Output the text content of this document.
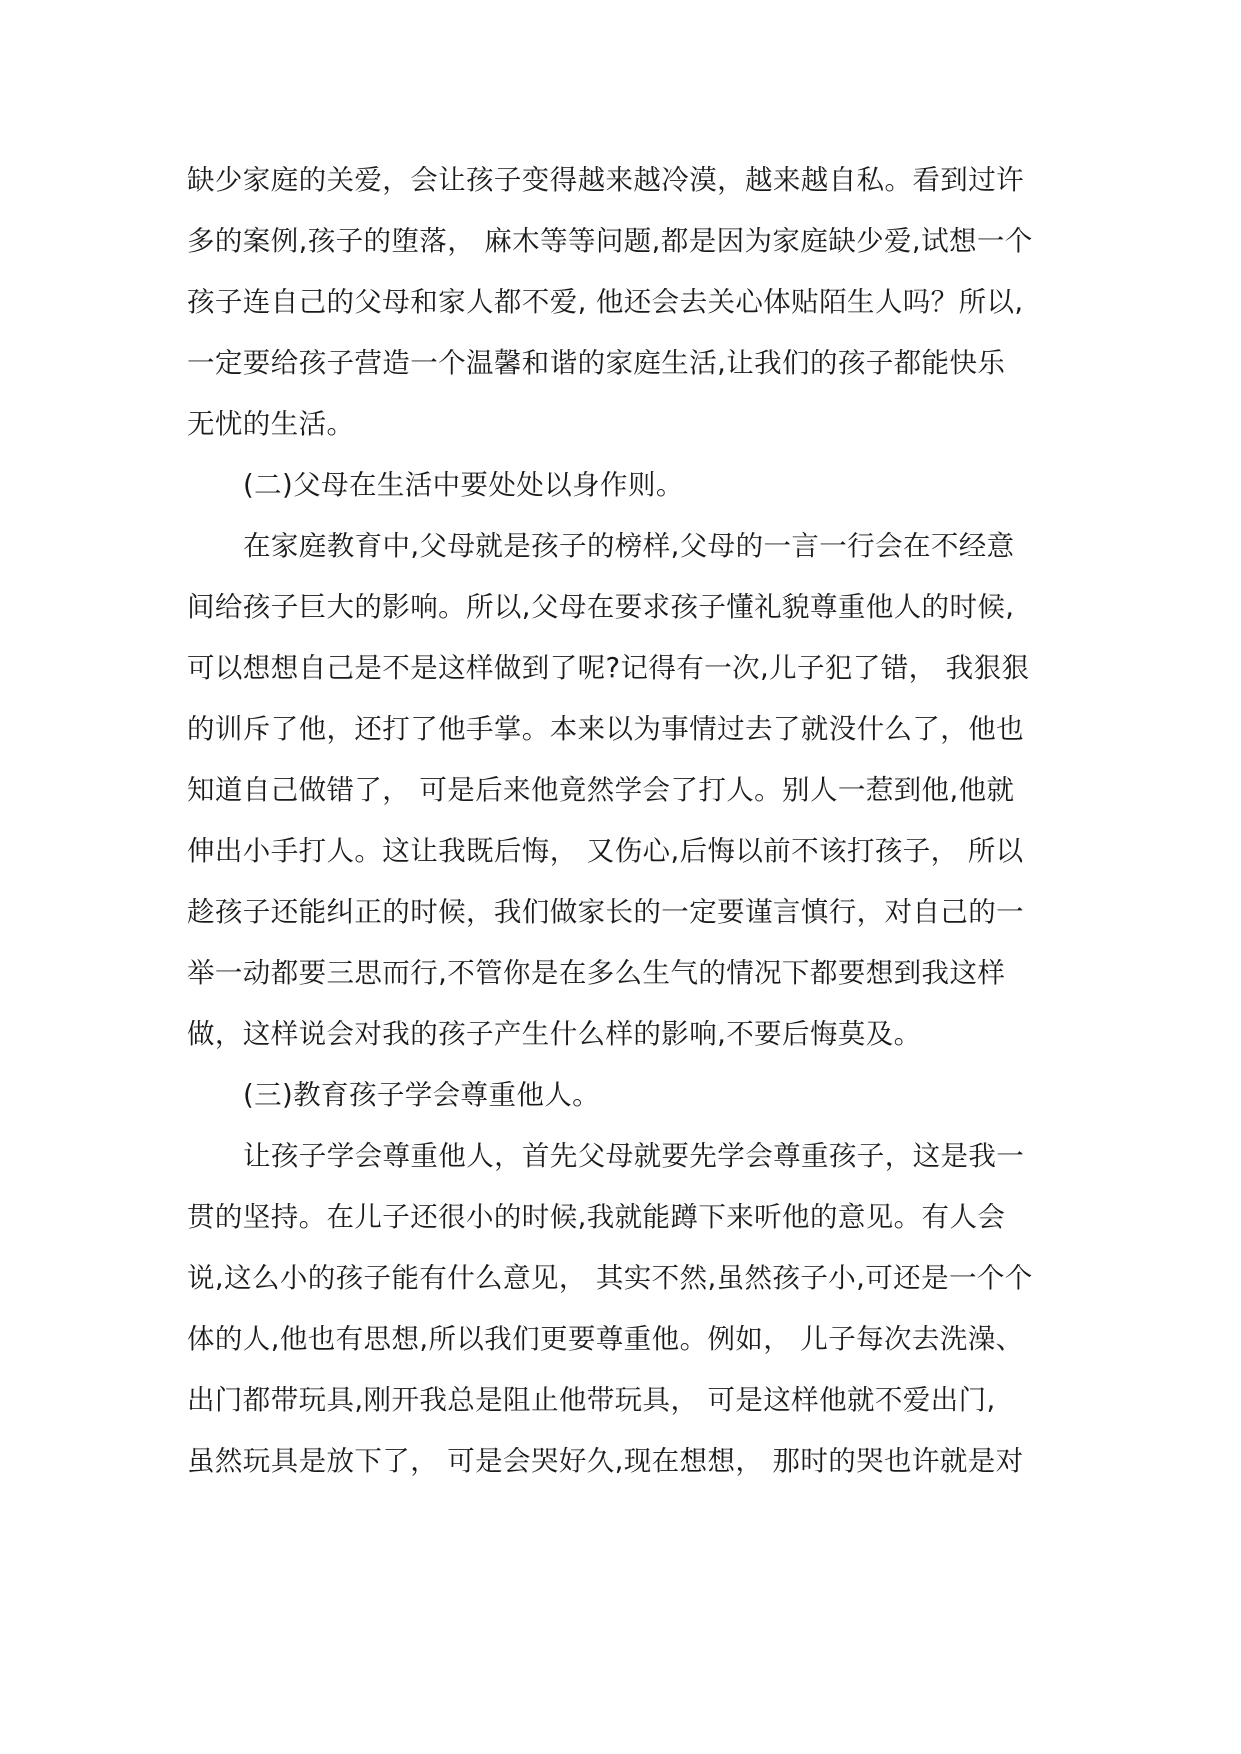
缺少家庭的关爱，会让孩子变得越来越冷漠，越来越自私。看到过许
多的案例,孩子的堕落， 麻木等等问题,都是因为家庭缺少爱,试想一个
孩子连自己的父母和家人都不爱, 他还会去关心体贴陌生人吗？所以,
一定要给孩子营造一个温馨和谐的家庭生活,让我们的孩子都能快乐
无忧的生活。
(二)父母在生活中要处处以身作则。
在家庭教育中,父母就是孩子的榜样,父母的一言一行会在不经意
间给孩子巨大的影响。所以,父母在要求孩子懂礼貌尊重他人的时候,
可以想想自己是不是这样做到了呢?记得有一次,儿子犯了错， 我狠狠
的训斥了他，还打了他手掌。本来以为事情过去了就没什么了，他也
知道自己做错了， 可是后来他竟然学会了打人。别人一惹到他,他就
伸出小手打人。这让我既后悔， 又伤心,后悔以前不该打孩子， 所以
趁孩子还能纠正的时候，我们做家长的一定要谨言慎行，对自己的一
举一动都要三思而行,不管你是在多么生气的情况下都要想到我这样
做，这样说会对我的孩子产生什么样的影响,不要后悔莫及。
(三)教育孩子学会尊重他人。
让孩子学会尊重他人，首先父母就要先学会尊重孩子，这是我一
贯的坚持。在儿子还很小的时候,我就能蹲下来听他的意见。有人会
说,这么小的孩子能有什么意见， 其实不然,虽然孩子小,可还是一个个
体的人,他也有思想,所以我们更要尊重他。例如， 儿子每次去洗澡、
出门都带玩具,刚开我总是阻止他带玩具， 可是这样他就不爱出门,
虽然玩具是放下了， 可是会哭好久,现在想想， 那时的哭也许就是对
